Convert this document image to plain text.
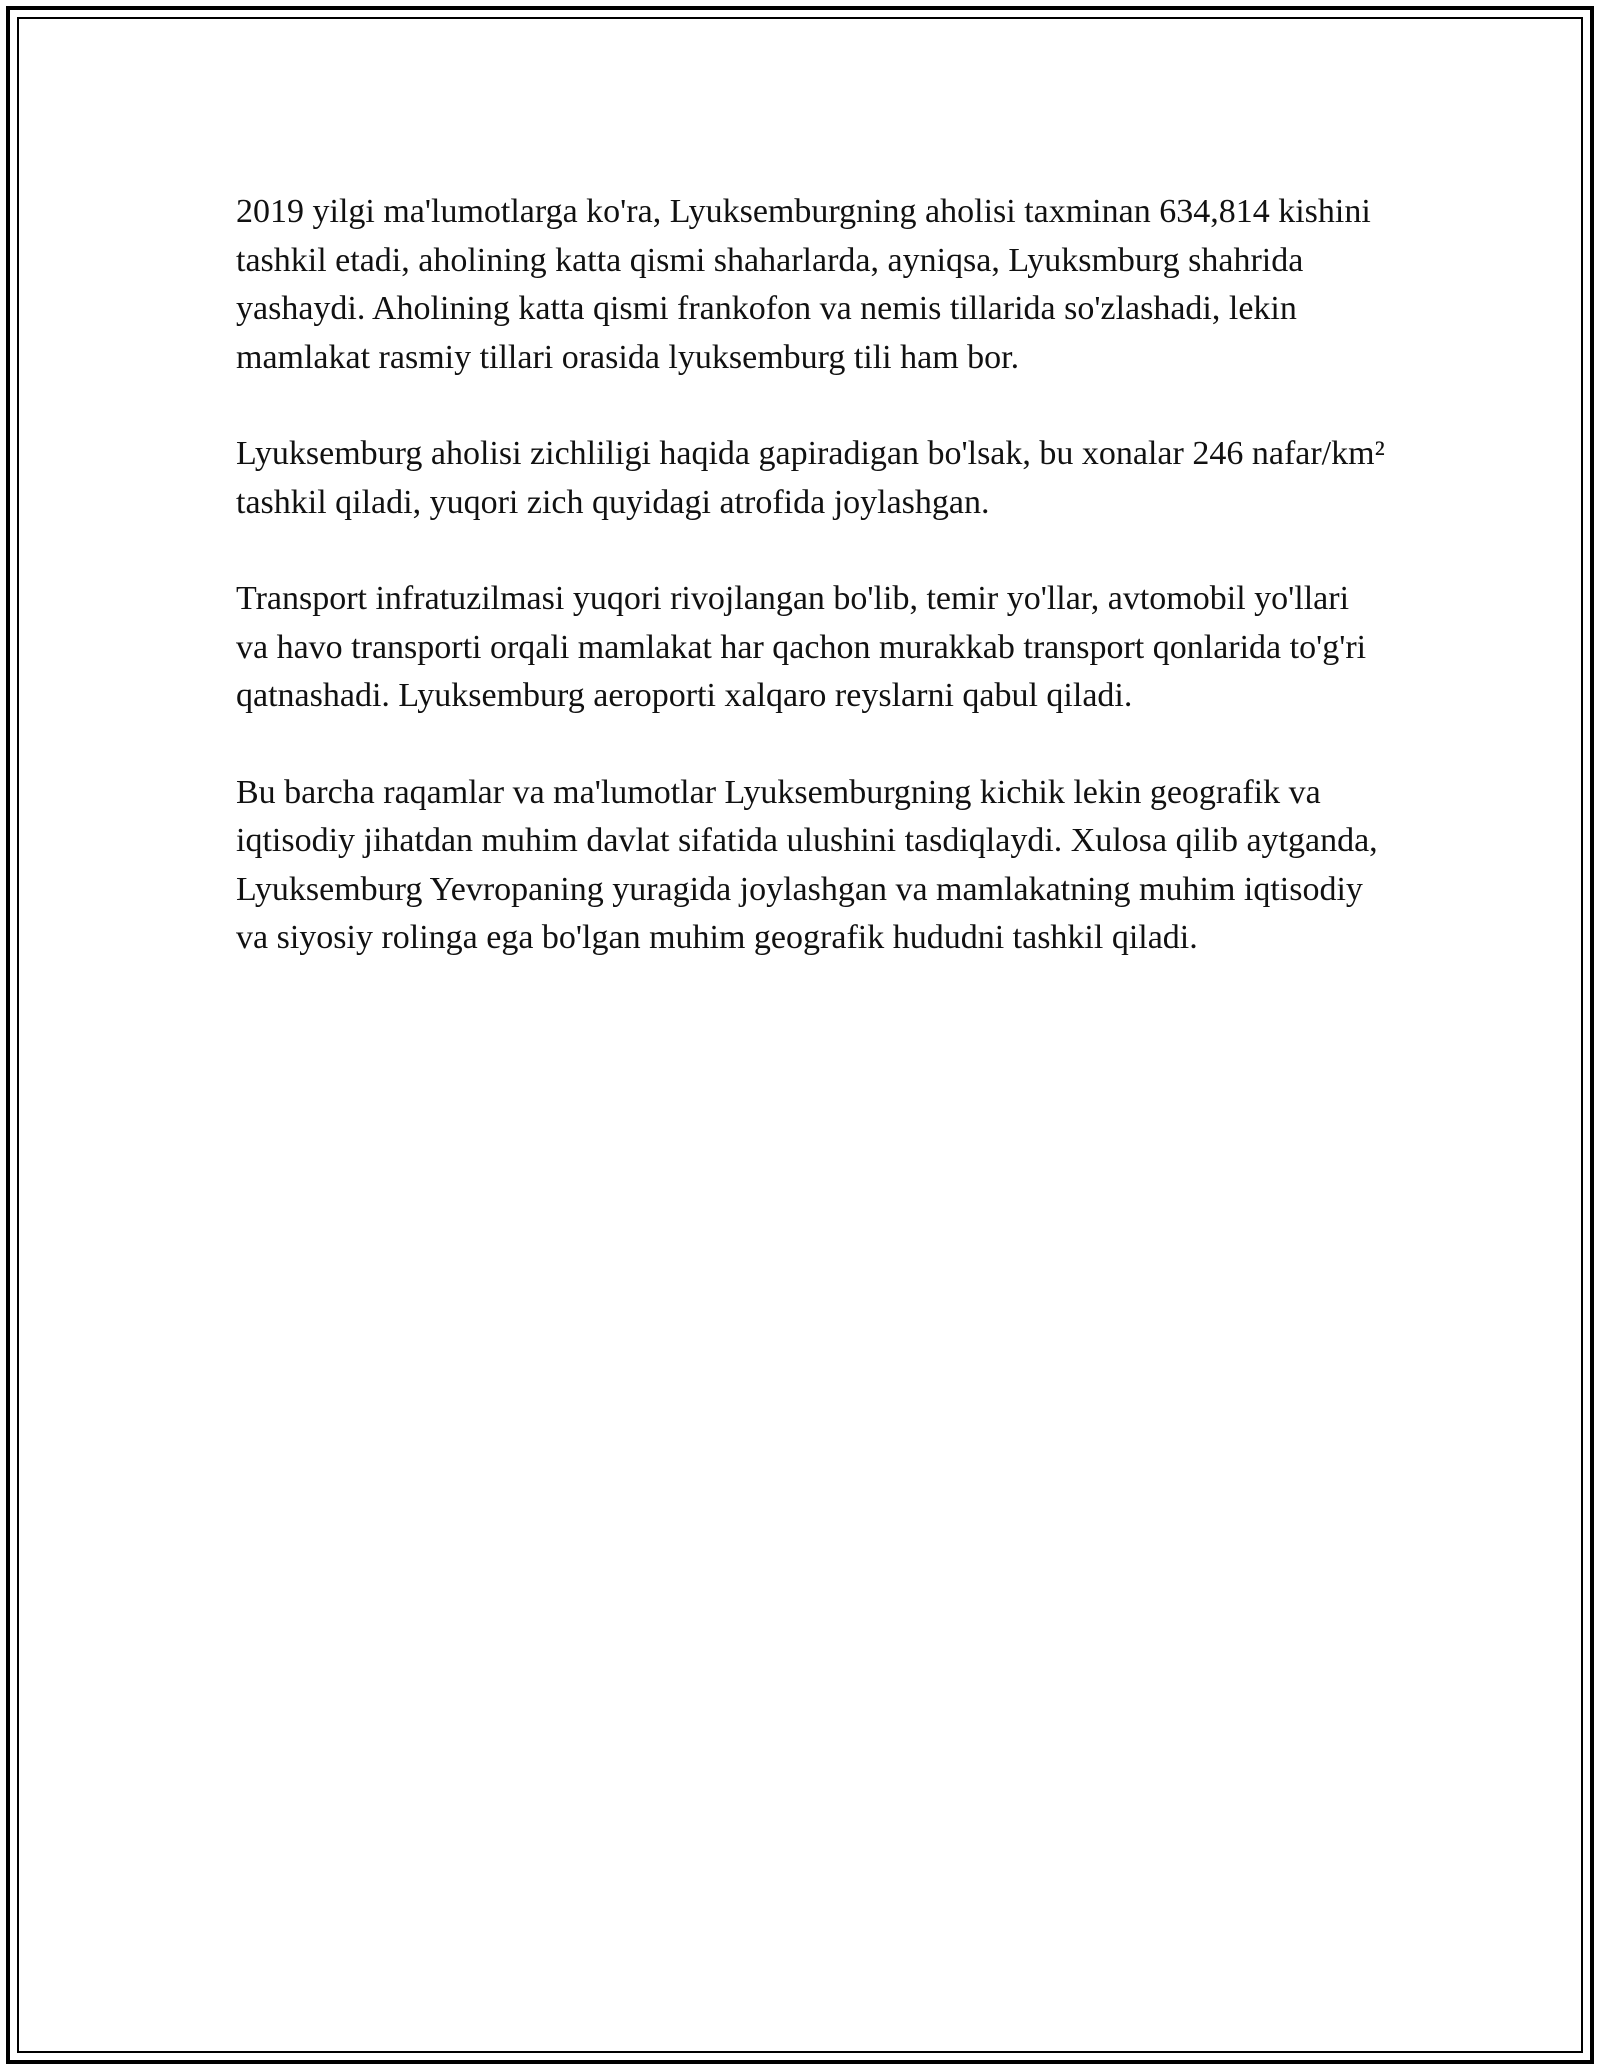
2019 yilgi ma'lumotlarga ko'ra, Lyuksemburgning aholisi taxminan 634,814 kishini tashkil etadi, aholining katta qismi shaharlarda, ayniqsa, Lyuksmburg shahrida yashaydi. Aholining katta qismi frankofon va nemis tillarida so'zlashadi, lekin mamlakat rasmiy tillari orasida lyuksemburg tili ham bor.

Lyuksemburg aholisi zichliligi haqida gapiradigan bo'lsak, bu xonalar 246 nafar/km² tashkil qiladi, yuqori zich quyidagi atrofida joylashgan.

Transport infratuzilmasi yuqori rivojlangan bo'lib, temir yo'llar, avtomobil yo'llari va havo transporti orqali mamlakat har qachon murakkab transport qonlarida to'g'ri qatnashadi. Lyuksemburg aeroporti xalqaro reyslarni qabul qiladi.

Bu barcha raqamlar va ma'lumotlar Lyuksemburgning kichik lekin geografik va iqtisodiy jihatdan muhim davlat sifatida ulushini tasdiqlaydi. Xulosa qilib aytganda, Lyuksemburg Yevropaning yuragida joylashgan va mamlakatning muhim iqtisodiy va siyosiy rolinga ega bo'lgan muhim geografik hududni tashkil qiladi.
